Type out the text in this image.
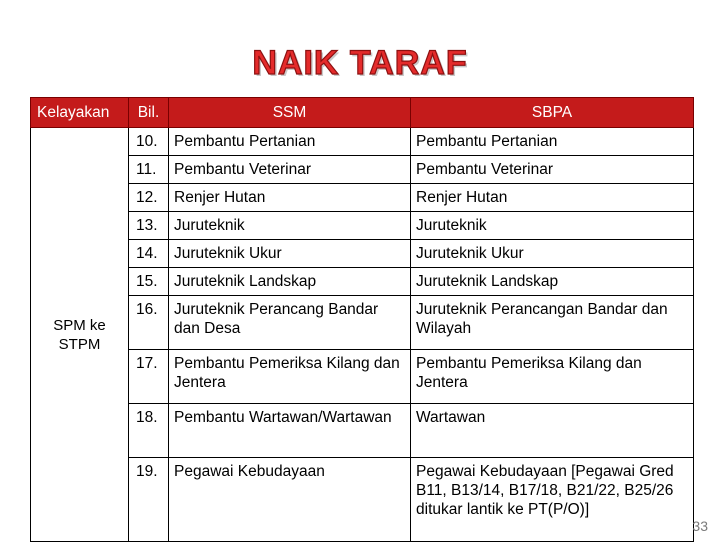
NAIK TARAF
Kelayakan	Bil.	SSM	SBPA
SPM ke STPM	10.	Pembantu Pertanian	Pembantu Pertanian
	11.	Pembantu Veterinar	Pembantu Veterinar
	12.	Renjer Hutan	Renjer Hutan
	13.	Juruteknik	Juruteknik
	14.	Juruteknik Ukur	Juruteknik Ukur
	15.	Juruteknik Landskap	Juruteknik Landskap
	16.	Juruteknik Perancang Bandar dan Desa	Juruteknik Perancangan Bandar dan Wilayah
	17.	Pembantu Pemeriksa Kilang dan Jentera	Pembantu Pemeriksa Kilang dan Jentera
	18.	Pembantu Wartawan/Wartawan	Wartawan
	19.	Pegawai Kebudayaan	Pegawai Kebudayaan [Pegawai Gred B11, B13/14, B17/18, B21/22, B25/26 ditukar lantik ke PT(P/O)]
33
